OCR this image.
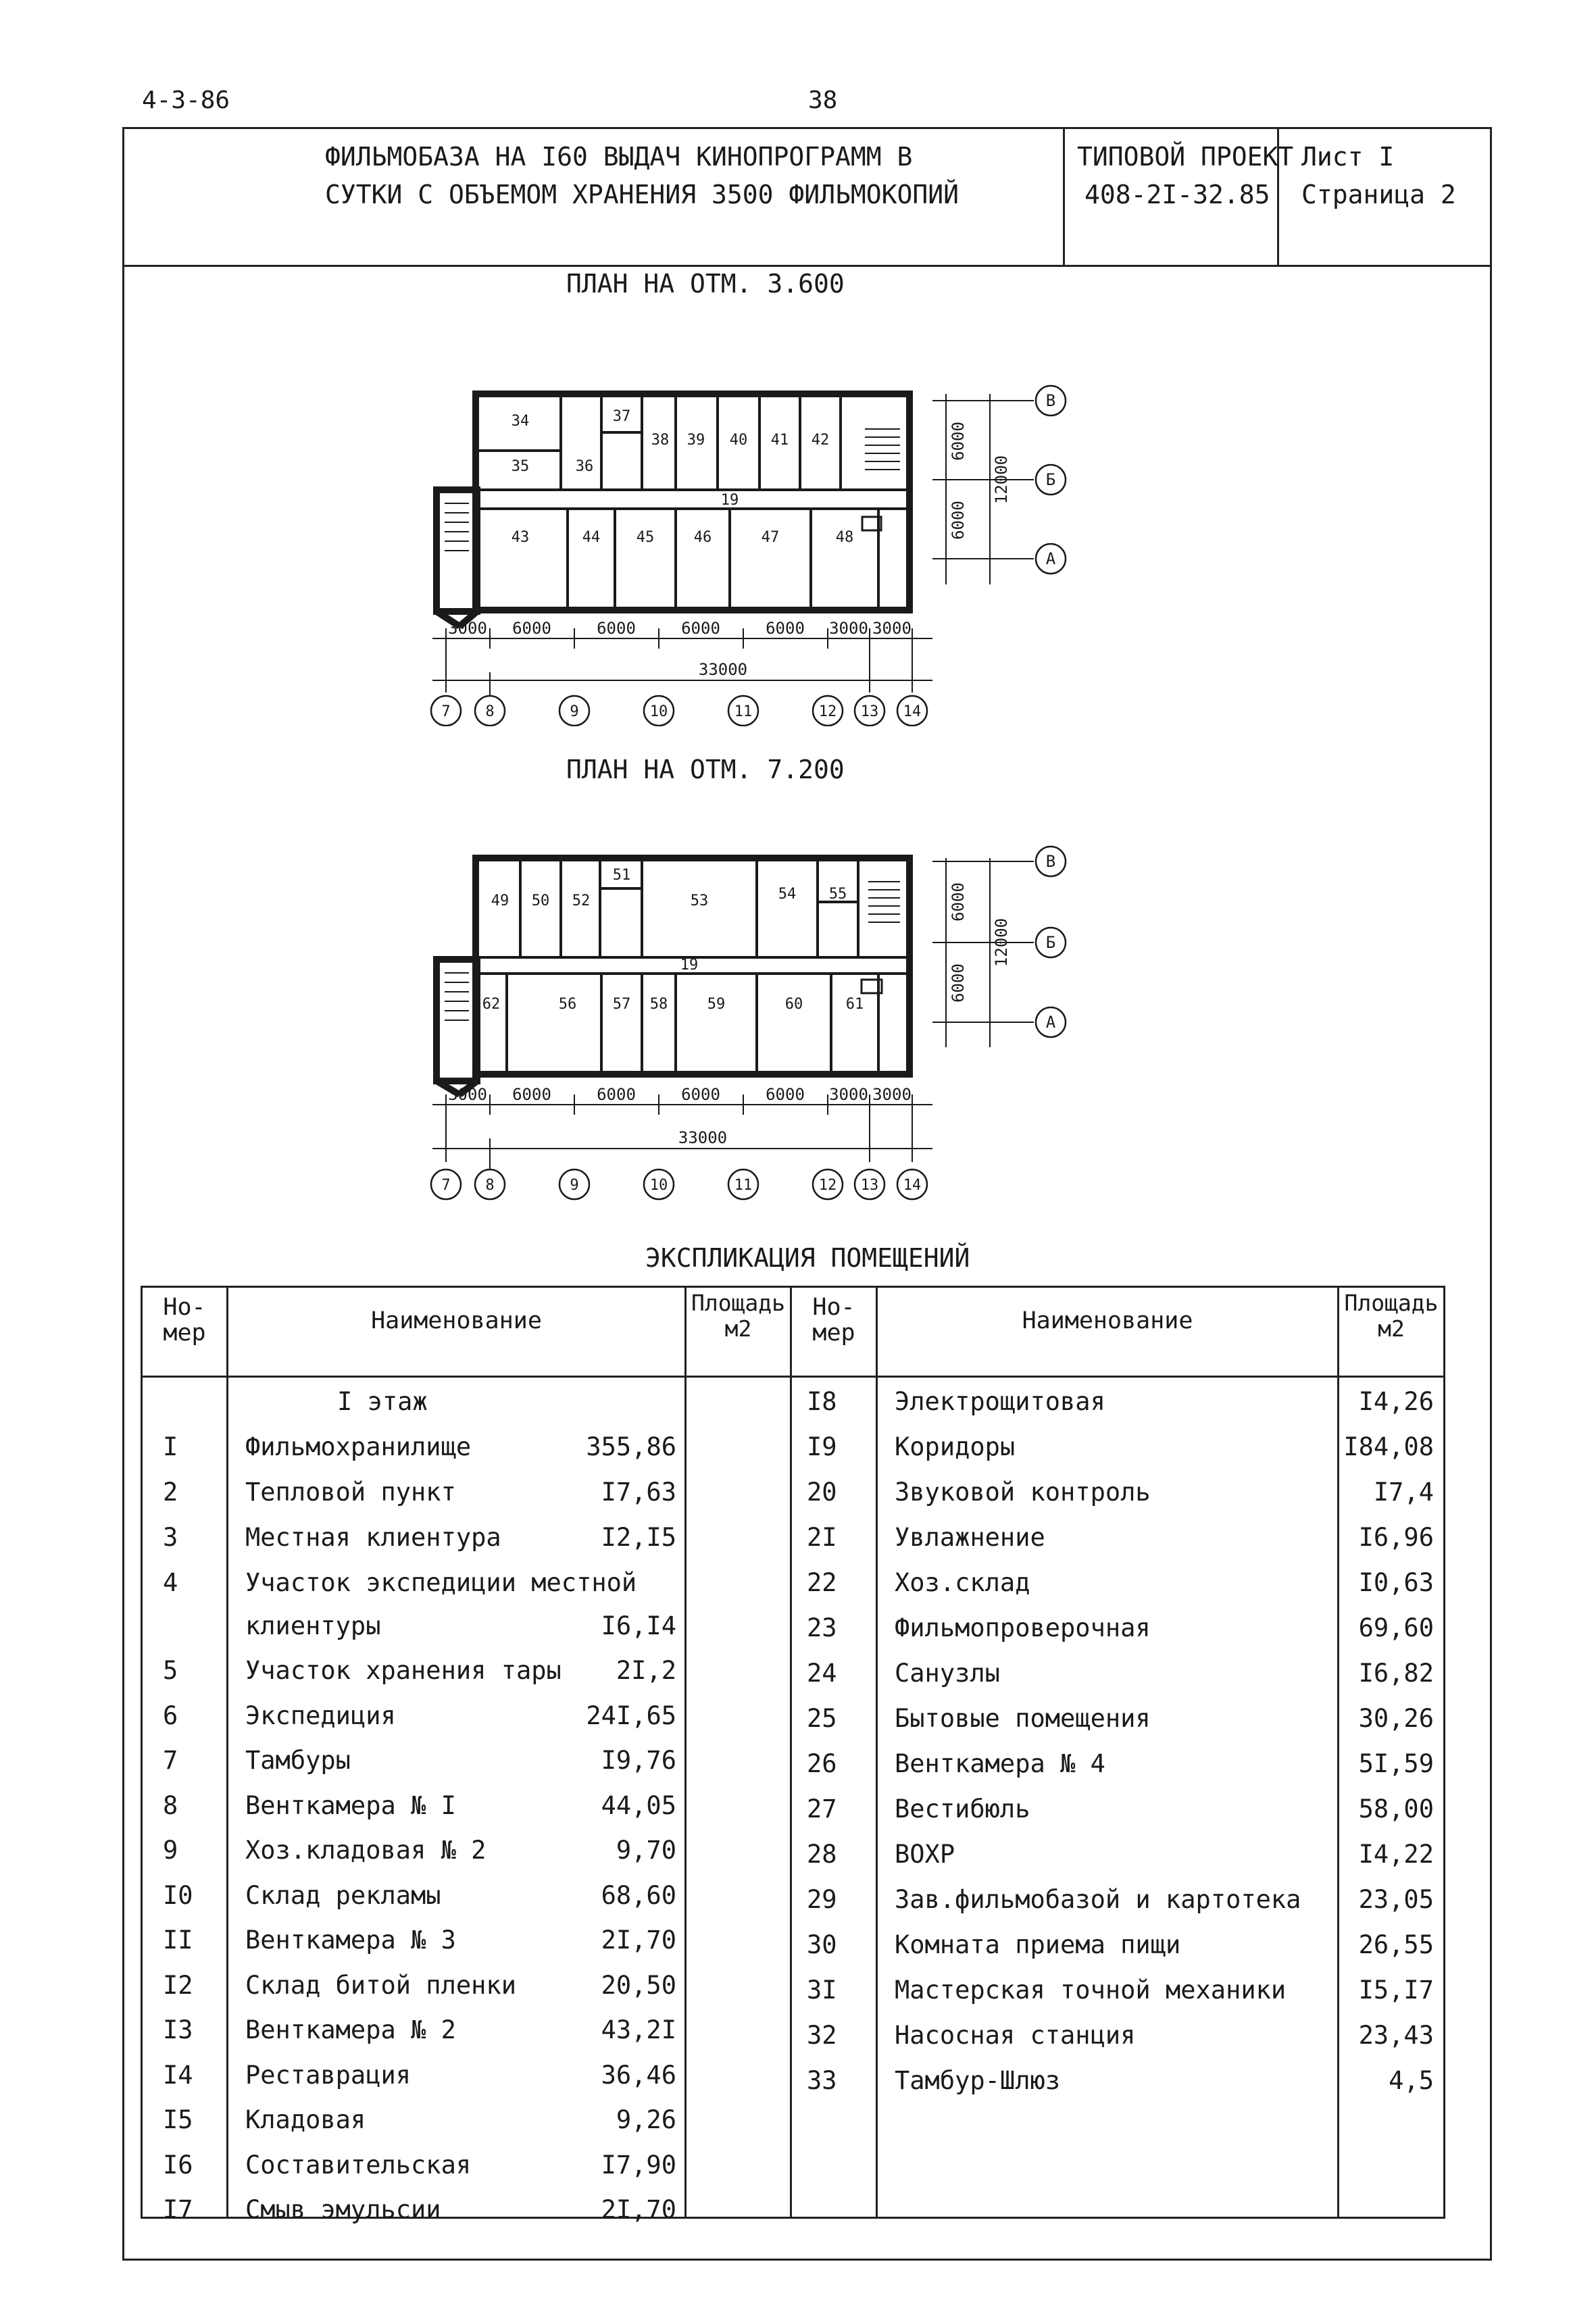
4-3-86	38
ФИЛЬМОБАЗА НА I60 ВЫДАЧ КИНОПРОГРАММ В
СУТКИ С ОБЪЕМОМ ХРАНЕНИЯ 3500 ФИЛЬМОКОПИЙ
ТИПОВОЙ ПРОЕКТ
408-2I-32.85
Лист I
Страница 2
ПЛАН НА ОТМ. 3.600
34
35	36
37
38 39 40 41 42
19
43	44 45	46	47	48
3000 6000	6000	6000	6000 3000 3000
33000
6000
6000
12000
В
Б
А
7 8	9	10	11	12 13 14
ПЛАН НА ОТМ. 7.200
49 50 52
51
53	54 55
19
62	56 57 58	59	60	61
3000 6000	6000	6000	6000 3000 3000
33000
6000
6000
12000
В
Б
А
7 8	9	10	11	12 13 14
ЭКСПЛИКАЦИЯ ПОМЕЩЕНИЙ
Но-
мер	Наименование
Площадь
м2
Но-
мер	Наименование
Площадь
м2
I этаж
I	Фильмохранилище	355,86
2	Тепловой пункт	I7,63
3	Местная клиентура	I2,I5
4	Участок экспедиции местной
клиентуры	I6,I4
5	Участок хранения тары 2I,2
6	Экспедиция	24I,65
7	Тамбуры	I9,76
8	Венткамера № I	44,05
9	Хоз.кладовая № 2	9,70
I0 Склад рекламы	68,60
II Венткамера № 3	2I,70
I2 Склад битой пленки	20,50
I3 Венткамера № 2	43,2I
I4 Реставрация	36,46
I5 Кладовая	9,26
I6 Составительская	I7,90
I7 Смыв эмульсии	2I,70
I8 Электрощитовая	I4,26
I9 Коридоры	I84,08
20 Звуковой контроль	I7,4
2I Увлажнение	I6,96
22 Хоз.склад	I0,63
23 Фильмопроверочная	69,60
24 Санузлы	I6,82
25 Бытовые помещения	30,26
26 Венткамера № 4	5I,59
27 Вестибюль	58,00
28 ВОХР	I4,22
29 Зав.фильмобазой и картотека 23,05
30 Комната приема пищи	26,55
3I Мастерская точной механики	I5,I7
32 Насосная станция	23,43
33 Тамбур-Шлюз	4,5
